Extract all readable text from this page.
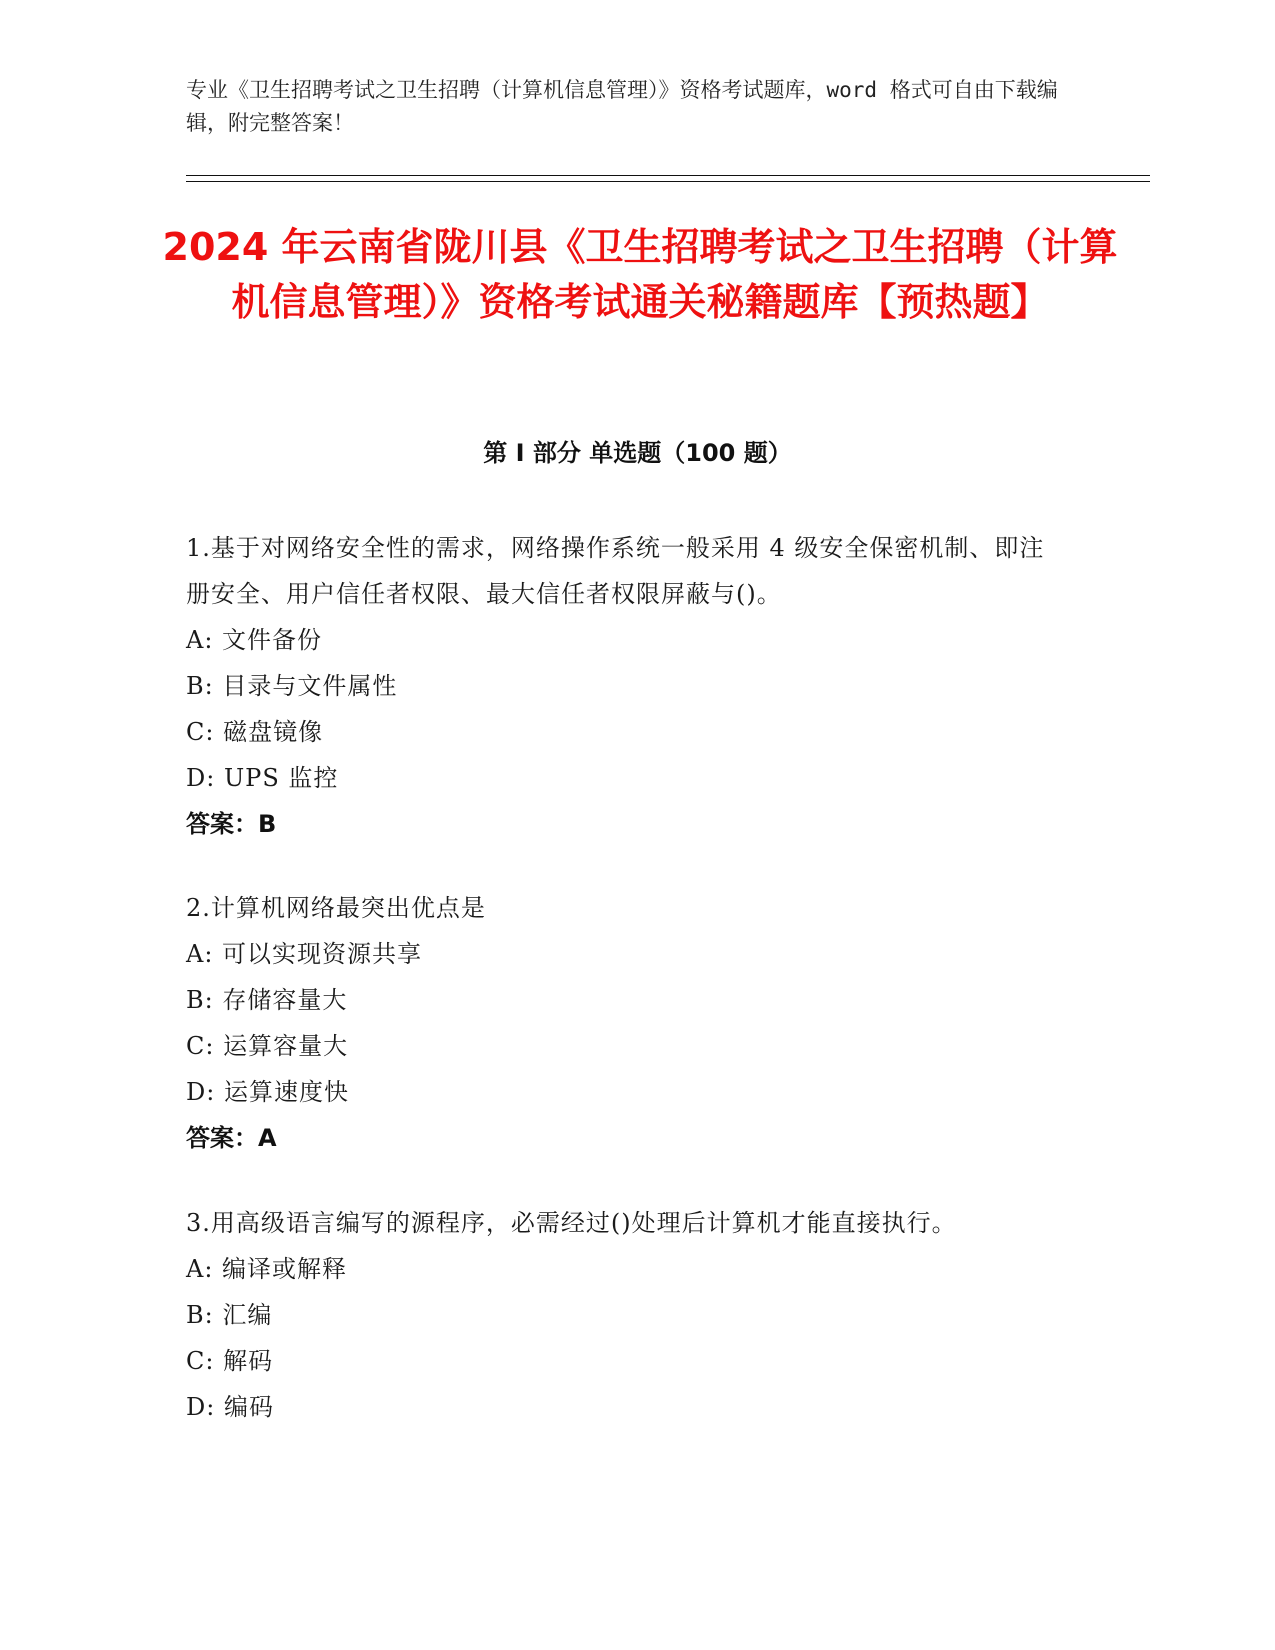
专业《卫生招聘考试之卫生招聘（计算机信息管理）》资格考试题库，word 格式可自由下载编辑，附完整答案！
2024 年云南省陇川县《卫生招聘考试之卫生招聘（计算机信息管理）》资格考试通关秘籍题库【预热题】
第 I 部分 单选题（100 题）
1.基于对网络安全性的需求，网络操作系统一般采用 4 级安全保密机制、即注册安全、用户信任者权限、最大信任者权限屏蔽与()。
A: 文件备份
B: 目录与文件属性
C: 磁盘镜像
D: UPS 监控
答案：B
2.计算机网络最突出优点是
A: 可以实现资源共享
B: 存储容量大
C: 运算容量大
D: 运算速度快
答案：A
3.用高级语言编写的源程序，必需经过()处理后计算机才能直接执行。
A: 编译或解释
B: 汇编
C: 解码
D: 编码
